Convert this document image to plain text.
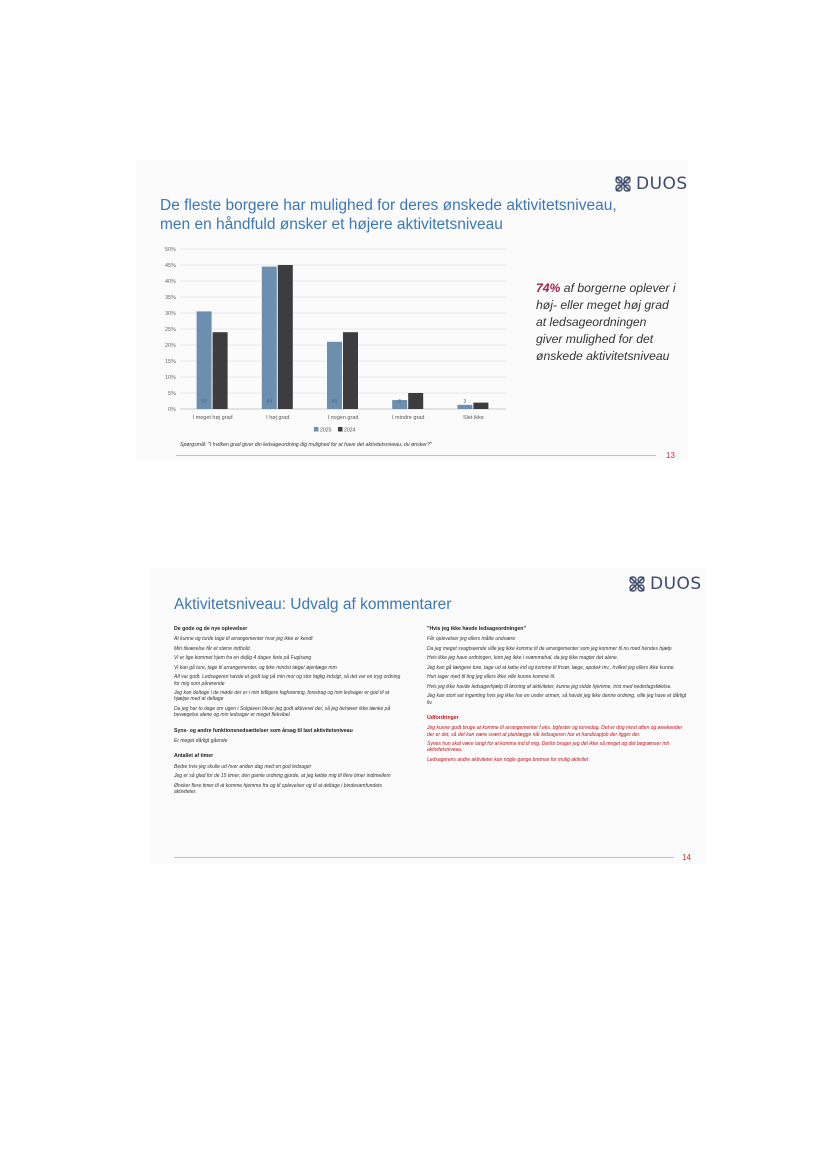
DUOS
De fleste borgere har mulighed for deres ønskede aktivitetsniveau,
men en håndfuld ønsker et højere aktivitetsniveau
0%
5%
10%
15%
20%
25%
30%
35%
40%
45%
50%
68
I meget høj grad
84
I høj grad
45
I nogen grad
6
I mindre grad
3
Slet ikke
2025 2024
74% af borgerne oplever i høj- eller meget høj grad at ledsageordningen giver mulighed for det ønskede aktivitetsniveau
Spørgsmål: "I hvilken grad giver din ledsageordning dig mulighed for at have det aktivitetsniveau, du ønsker?"
13
DUOS
Aktivitetsniveau: Udvalg af kommentarer
De gode og de nye oplevelser

At kunne og turde tage til arrangementer hvor jeg ikke er kendt

Min tilværelse får et større indhold.

Vi er lige kommet hjem fra en dejlig 4 dages ferie på Fuglsang

Vi kan gå ture, tage til arrangementer, og ikke mindst læge/ øjenlæge mm

Alt var godt. Ledsageren havde et godt tag på min mor og stor faglig indsigt, så det var en tryg ordning for mig som pårørende

Jeg kan deltage i de møde der er i min tidligere fagforening, foredrag og min ledsager er god til at hjælpe med at deltage

Da jeg har to dage om ugen i Solgaven bliver jeg godt aktiveret der, så jeg behøver ikke tænke på bevægelse alene og min ledsager er meget fleksibel.

Syns- og andre funktionsnedsættelser som årsag til lavt aktivitetsniveau

Er meget dårligt gående

Antallet af timer

Bedre hvis jeg skulle ud hver anden dag med en god ledsager

Jeg er så glad for de 15 timer, den gamle ordning gjorde, at jeg købte mig til flere timer indimellem

Ønsker flere timer til at komme hjemme fra og til oplevelser og til at deltage i bindesamfundets aktiviteter.

"Hvis jeg ikke havde ledsageordningen"

Får oplevelser jeg ellers måtte undvære

Da jeg meget svagtseende ville jeg ikke komme til de arrangementer som jeg kommer til nu med hendes hjælp

Hvis ikke jeg have ordningen, kom jeg ikke i svømmehal, da jeg ikke magter det alene.

Jeg kan gå længere ture, tage ud at købe ind og komme til frisør, læge, apotek mv., hvilket jeg ellers ikke kunne.

Hun tager med til ting jeg ellers ikke ville kunne komme til.

Hvis jeg ikke havde ledsagerhjælp til løsning af aktiviteter, kunne jeg sidde hjemme, trist med nederlagsfølelse.

Jeg kan stort set ingenting hvis jeg ikke har en under armen, så havde jeg ikke denne ordning, ville jeg have et dårligt liv.

Udfordringer

Jeg kunne godt bruge at komme til arrangementer f.eks. bgfester og torvedag. Det er dog mest aften og weekender der er det, så det kan være svært at planlægge når ledsageren har et handicapjob der ligger der.

Synes hun skal være langt for at komme ind til mig. Derfor bruger jeg det ikke så meget og det begrænser mit aktivitetsniveau.

Ledsagerens andre aktiviteter kan nogle gange bremse for mulig aktivitet

14
